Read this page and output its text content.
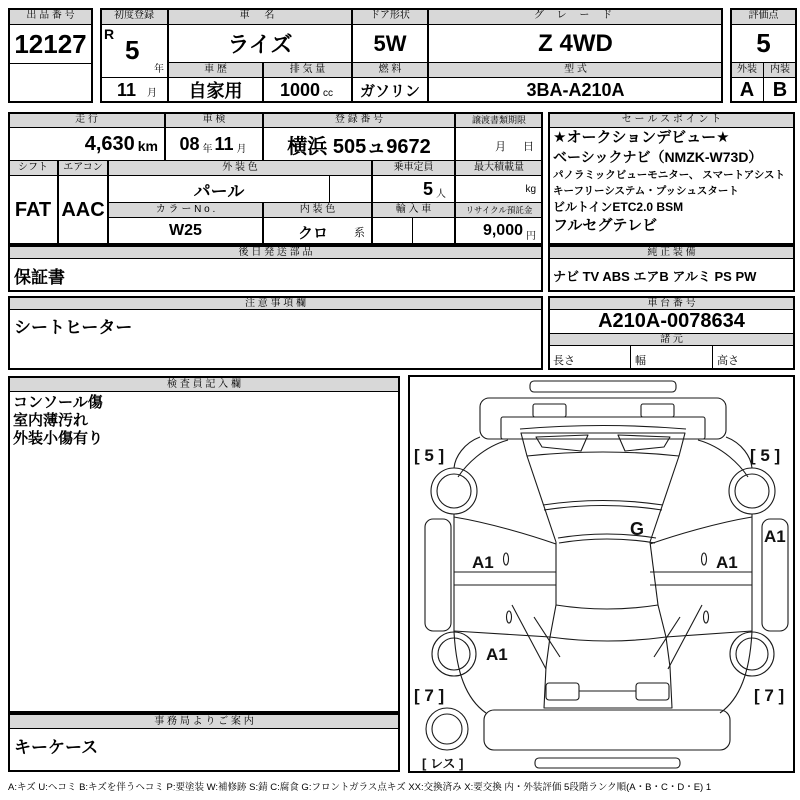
出 品 番 号
12127
初度登録
R
5
年
11 月
車 名
ライズ
ドア形状
5W
グ レ ー ド
Z 4WD
車 歴
自家用
排 気 量
1000 cc
燃 料
ガソリン
型 式
3BA-A210A
評価点
5
外装	内装
A B
走 行
4,630 km
車 検
08 年 11 月
登 録 番 号
横浜 505ュ9672
譲渡書類期限
月 日
シフト	エアコン
FAT AAC
外 装 色
パール
乗車定員
5 人
最大積載量
kg
カ ラ ー N o .
W25
内 装 色
クロ 系
輸 入 車	リサイクル預託金
9,000 円
セ ー ル ス ポ イ ン ト
★オークションデビュー★
ベーシックナビ（NMZK-W73D）
パノラミックビューモニター、 スマートアシスト
キーフリーシステム・プッシュスタート
ビルトインETC2.0 BSM
フルセグテレビ
後 日 発 送 部 品
保証書
純 正 装 備
ナビ TV ABS エアB アルミ PS PW
注 意 事 項 欄
シートヒーター
車 台 番 号
A210A-0078634
諸 元
長さ	幅	高さ
検 査 員 記 入 欄
コンソール傷
室内薄汚れ
外装小傷有り
事 務 局 よ り ご 案 内
キーケース
[ 5 ]	[ 5 ]
G
A1	A1
A1
A1
[ 7 ]	[ 7 ]
[ レス ]
A:キズ U:ヘコミ B:キズを伴うヘコミ P:要塗装 W:補修跡 S:錆 C:腐食 G:フロントガラス点キズ XX:交換済み X:要交換 内・外装評価 5段階ランク順(A・B・C・D・E) 1
